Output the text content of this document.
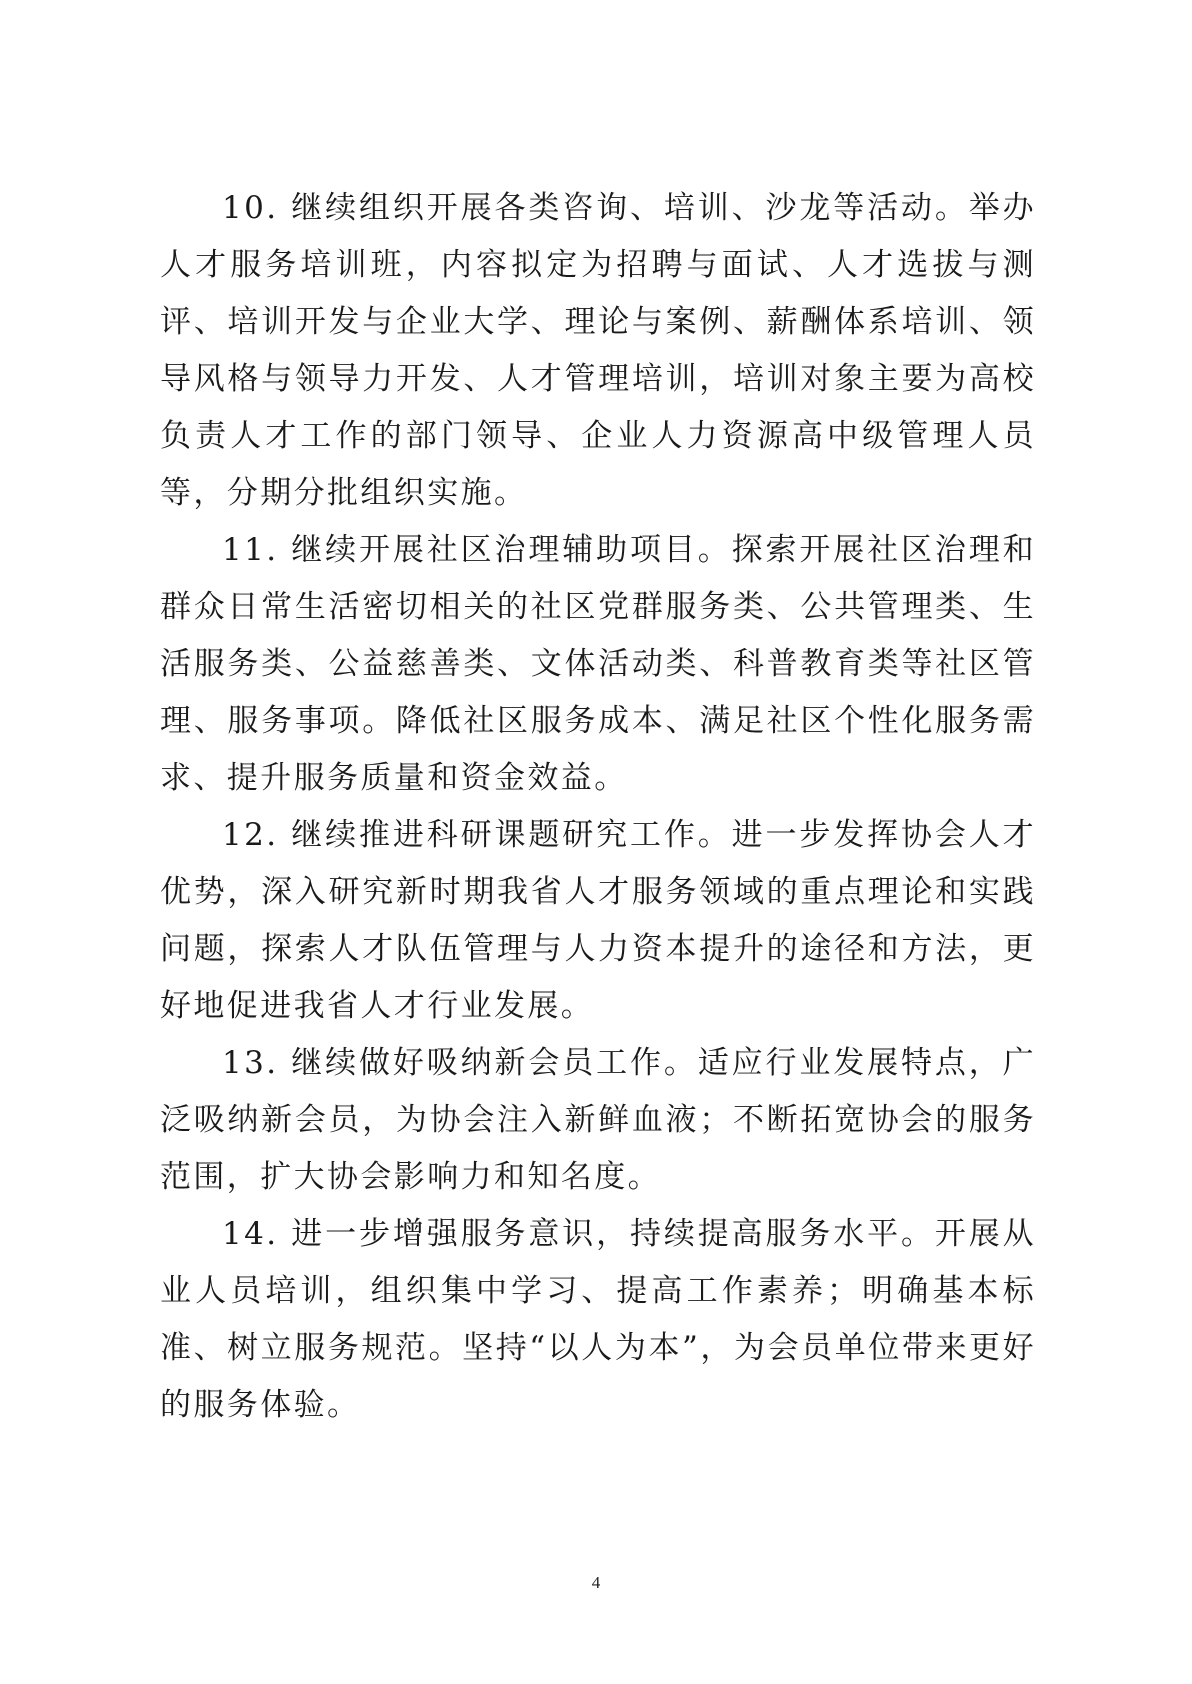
10. 继续组织开展各类咨询、培训、沙龙等活动。举办人才服务培训班，内容拟定为招聘与面试、人才选拔与测评、培训开发与企业大学、理论与案例、薪酬体系培训、领导风格与领导力开发、人才管理培训，培训对象主要为高校负责人才工作的部门领导、企业人力资源高中级管理人员等，分期分批组织实施。

11. 继续开展社区治理辅助项目。探索开展社区治理和群众日常生活密切相关的社区党群服务类、公共管理类、生活服务类、公益慈善类、文体活动类、科普教育类等社区管理、服务事项。降低社区服务成本、满足社区个性化服务需求、提升服务质量和资金效益。

12. 继续推进科研课题研究工作。进一步发挥协会人才优势，深入研究新时期我省人才服务领域的重点理论和实践问题，探索人才队伍管理与人力资本提升的途径和方法，更好地促进我省人才行业发展。

13. 继续做好吸纳新会员工作。适应行业发展特点，广泛吸纳新会员，为协会注入新鲜血液；不断拓宽协会的服务范围，扩大协会影响力和知名度。

14. 进一步增强服务意识，持续提高服务水平。开展从业人员培训，组织集中学习、提高工作素养；明确基本标准、树立服务规范。坚持“以人为本”，为会员单位带来更好的服务体验。

4
